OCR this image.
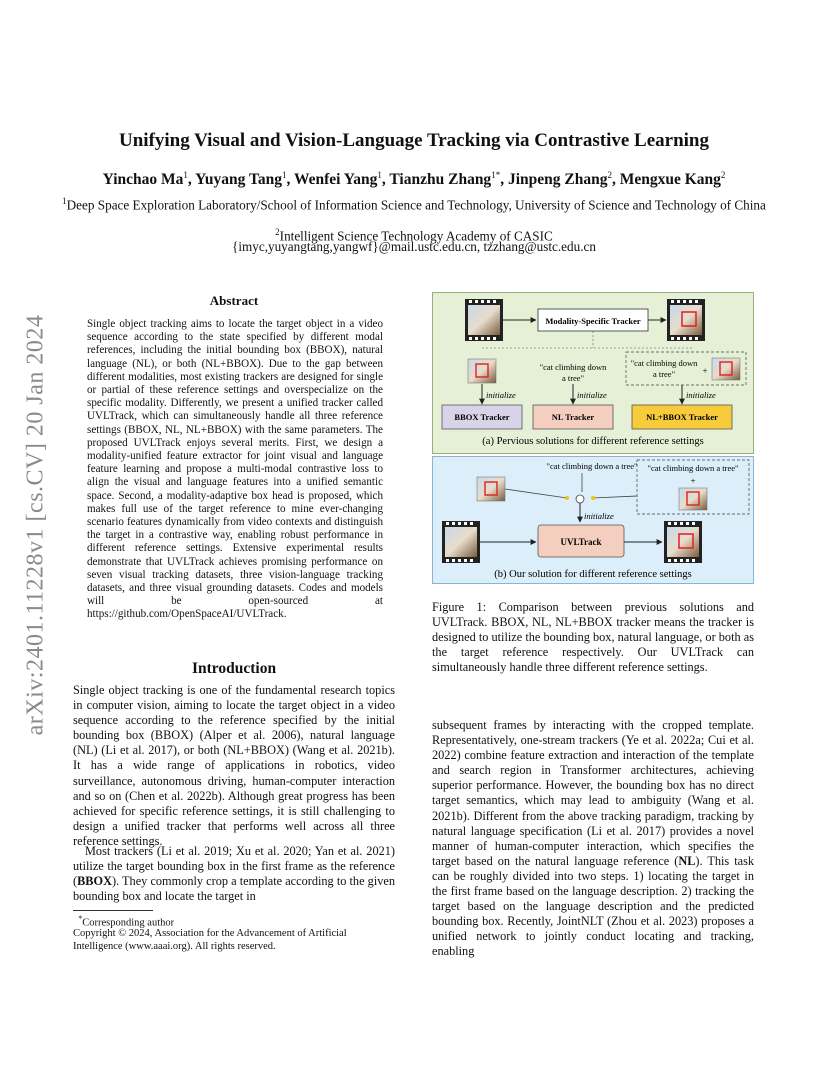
Unifying Visual and Vision-Language Tracking via Contrastive Learning
Yinchao Ma$^1$, Yuyang Tang$^1$, Wenfei Yang$^1$, Tianzhu Zhang$^{1*}$, Jinpeng Zhang$^2$, Mengxue Kang$^2$
$^1$Deep Space Exploration Laboratory/School of Information Science and Technology, University of Science and Technology of China
$^2$Intelligent Science Technology Academy of CASIC
{imyc,yuyangtang,yangwf}@mail.ustc.edu.cn, tzzhang@ustc.edu.cn
arXiv:2401.11228v1 [cs.CV] 20 Jan 2024
Abstract
Single object tracking aims to locate the target object in a video sequence according to the state specified by different modal references, including the initial bounding box (BBOX), natural language (NL), or both (NL+BBOX). Due to the gap between different modalities, most existing trackers are designed for single or partial of these reference settings and overspecialize on the specific modality. Differently, we present a unified tracker called UVLTrack, which can simultaneously handle all three reference settings (BBOX, NL, NL+BBOX) with the same parameters. The proposed UVLTrack enjoys several merits. First, we design a modality-unified feature extractor for joint visual and language feature learning and propose a multi-modal contrastive loss to align the visual and language features into a unified semantic space. Second, a modality-adaptive box head is proposed, which makes full use of the target reference to mine ever-changing scenario features dynamically from video contexts and distinguish the target in a contrastive way, enabling robust performance in different reference settings. Extensive experimental results demonstrate that UVLTrack achieves promising performance on seven visual tracking datasets, three vision-language tracking datasets, and three visual grounding datasets. Codes and models will be open-sourced at https://github.com/OpenSpaceAI/UVLTrack.
Introduction
Single object tracking is one of the fundamental research topics in computer vision, aiming to locate the target object in a video sequence according to the reference specified by the initial bounding box (BBOX) (Alper et al. 2006), natural language (NL) (Li et al. 2017), or both (NL+BBOX) (Wang et al. 2021b). It has a wide range of applications in robotics, video surveillance, autonomous driving, human-computer interaction and so on (Chen et al. 2022b). Although great progress has been achieved for specific reference settings, it is still challenging to design a unified tracker that performs well across all three reference settings.
Most trackers (Li et al. 2019; Xu et al. 2020; Yan et al. 2021) utilize the target bounding box in the first frame as the reference (BBOX). They commonly crop a template according to the given bounding box and locate the target in
*Corresponding author
Copyright © 2024, Association for the Advancement of Artificial Intelligence (www.aaai.org). All rights reserved.
subsequent frames by interacting with the cropped template. Representatively, one-stream trackers (Ye et al. 2022a; Cui et al. 2022) combine feature extraction and interaction of the template and search region in Transformer architectures, achieving superior performance. However, the bounding box has no direct target semantics, which may lead to ambiguity (Wang et al. 2021b). Different from the above tracking paradigm, tracking by natural language specification (Li et al. 2017) provides a novel manner of human-computer interaction, which specifies the target based on the natural language reference (NL). This task can be roughly divided into two steps. 1) locating the target in the first frame based on the language description. 2) tracking the target based on the language description and the predicted bounding box. Recently, JointNLT (Zhou et al. 2023) proposes a unified network to jointly conduct locating and tracking, enabling
Modality-Specific Tracker
"cat climbing down
a tree"
"cat climbing down
a tree"	+
initialize	initialize	initialize
BBOX Tracker	NL Tracker	NL+BBOX Tracker
(a) Pervious solutions for different reference settings
"cat climbing down a tree" "cat climbing down a tree"
+
initialize
UVLTrack
(b) Our solution for different reference settings
Figure 1: Comparison between previous solutions and UVLTrack. BBOX, NL, NL+BBOX tracker means the tracker is designed to utilize the bounding box, natural language, or both as the target reference respectively. Our UVLTrack can simultaneously handle three different reference settings.
